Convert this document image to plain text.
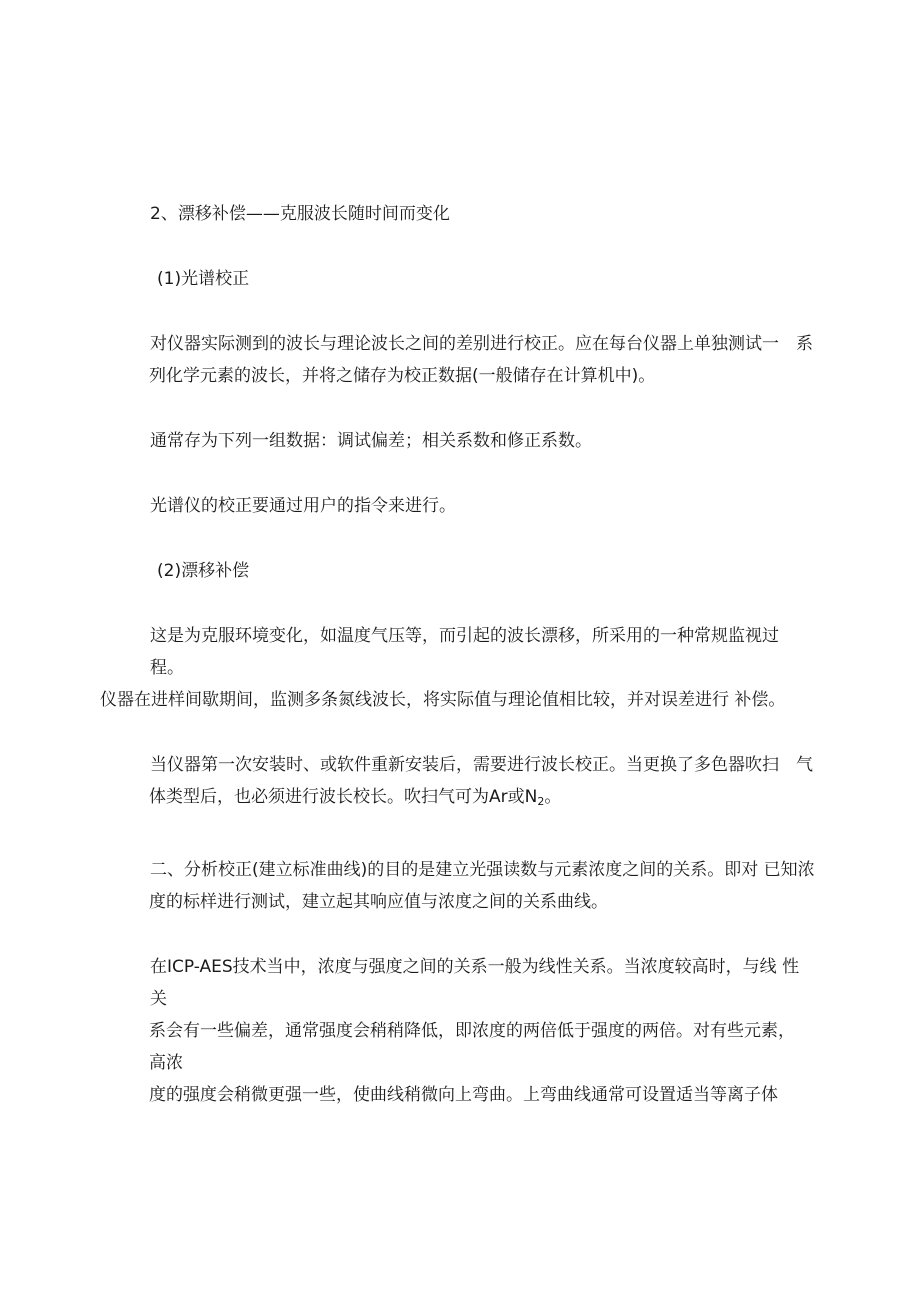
2、漂移补偿——克服波长随时间而变化

(1)光谱校正

对仪器实际测到的波长与理论波长之间的差别进行校正。应在每台仪器上单独测试一　系

列化学元素的波长，并将之储存为校正数据(一般储存在计算机中)。

通常存为下列一组数据：调试偏差；相关系数和修正系数。

光谱仪的校正要通过用户的指令来进行。

(2)漂移补偿

这是为克服环境变化，如温度气压等，而引起的波长漂移，所采用的一种常规监视过　程。

仪器在进样间歇期间，监测多条氮线波长，将实际值与理论值相比较，并对误差进行 补偿。

当仪器第一次安装时、或软件重新安装后，需要进行波长校正。当更换了多色器吹扫　气

体类型后，也必须进行波长校长。吹扫气可为Ar或$N_2$。

二、分析校正(建立标准曲线)的目的是建立光强读数与元素浓度之间的关系。即对 已知浓

度的标样进行测试，建立起其响应值与浓度之间的关系曲线。

在ICP-AES技术当中，浓度与强度之间的关系一般为线性关系。当浓度较高时，与线 性关

系会有一些偏差，通常强度会稍稍降低，即浓度的两倍低于强度的两倍。对有些元素，　 高浓

度的强度会稍微更强一些，使曲线稍微向上弯曲。上弯曲线通常可设置适当等离子体
